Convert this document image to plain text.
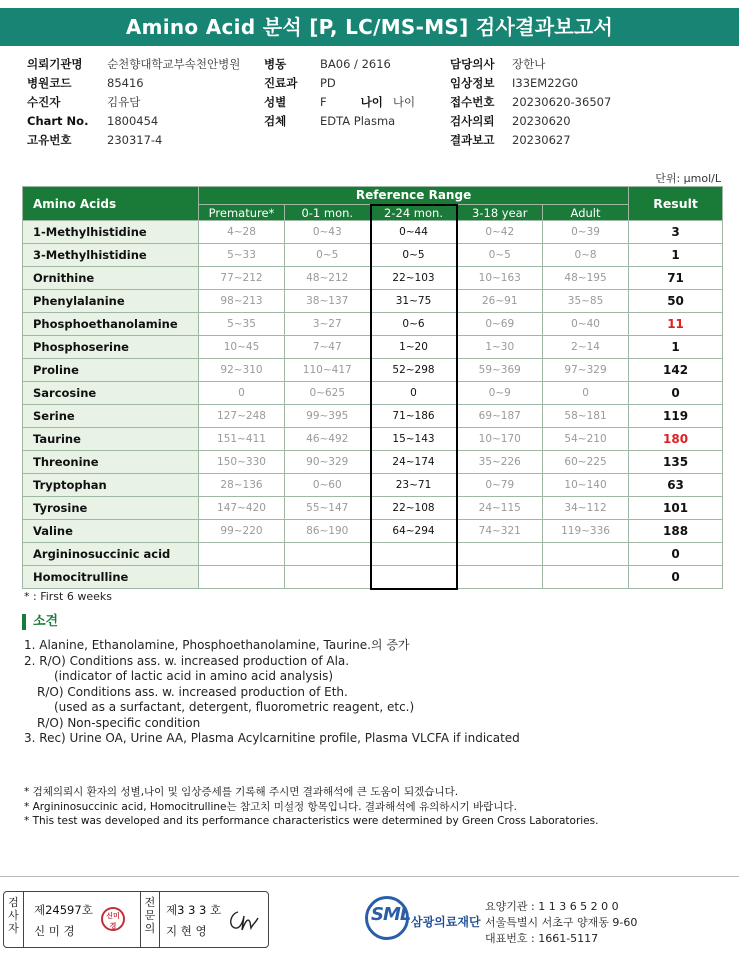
Amino Acid 분석 [P, LC/MS-MS] 검사결과보고서
의뢰기관명 순천향대학교부속천안병원
병원코드	85416
수진자	김유담
Chart No. 1800454
고유번호	230317-4
병동	BA06 / 2616
진료과 PD
성별	F	나이 나이
검체	EDTA Plasma
담당의사 장한나
임상정보 I33EM22G0
접수번호 20230620-36507
검사의뢰 20230620
결과보고 20230627
단위: μmol/L
Amino Acids	Reference Range					Result
	Premature*	0-1 mon.	2-24 mon.	3-18 year	Adult	
1-Methylhistidine	4~28	0~43	0~44	0~42	0~39	3
3-Methylhistidine	5~33	0~5	0~5	0~5	0~8	1
Ornithine	77~212	48~212	22~103	10~163	48~195	71
Phenylalanine	98~213	38~137	31~75	26~91	35~85	50
Phosphoethanolamine	5~35	3~27	0~6	0~69	0~40	11
Phosphoserine	10~45	7~47	1~20	1~30	2~14	1
Proline	92~310	110~417	52~298	59~369	97~329	142
Sarcosine	0	0~625	0	0~9	0	0
Serine	127~248	99~395	71~186	69~187	58~181	119
Taurine	151~411	46~492	15~143	10~170	54~210	180
Threonine	150~330	90~329	24~174	35~226	60~225	135
Tryptophan	28~136	0~60	23~71	0~79	10~140	63
Tyrosine	147~420	55~147	22~108	24~115	34~112	101
Valine	99~220	86~190	64~294	74~321	119~336	188
Argininosuccinic acid						0
Homocitrulline						0
* : First 6 weeks
소견
1. Alanine, Ethanolamine, Phosphoethanolamine, Taurine.의 증가
2. R/O) Conditions ass. w. increased production of Ala.
(indicator of lactic acid in amino acid analysis)
R/O) Conditions ass. w. increased production of Eth.
(used as a surfactant, detergent, fluorometric reagent, etc.)
R/O) Non-specific condition
3. Rec) Urine OA, Urine AA, Plasma Acylcarnitine profile, Plasma VLCFA if indicated
* 검체의뢰시 환자의 성별,나이 및 임상증세를 기록해 주시면 결과해석에 큰 도움이 되겠습니다.
* Argininosuccinic acid, Homocitrulline는 참고치 미설정 항목입니다. 결과해석에 유의하시기 바랍니다.
* This test was developed and its performance characteristics were determined by Green Cross Laboratories.
검사자
제24597호
신 미 경
신미경
전문의
제3 3 3 호
지 현 영
SML 삼광의료재단
요양기관 : 1 1 3 6 5 2 0 0
서울특별시 서초구 양재동 9-60
대표번호 : 1661-5117
